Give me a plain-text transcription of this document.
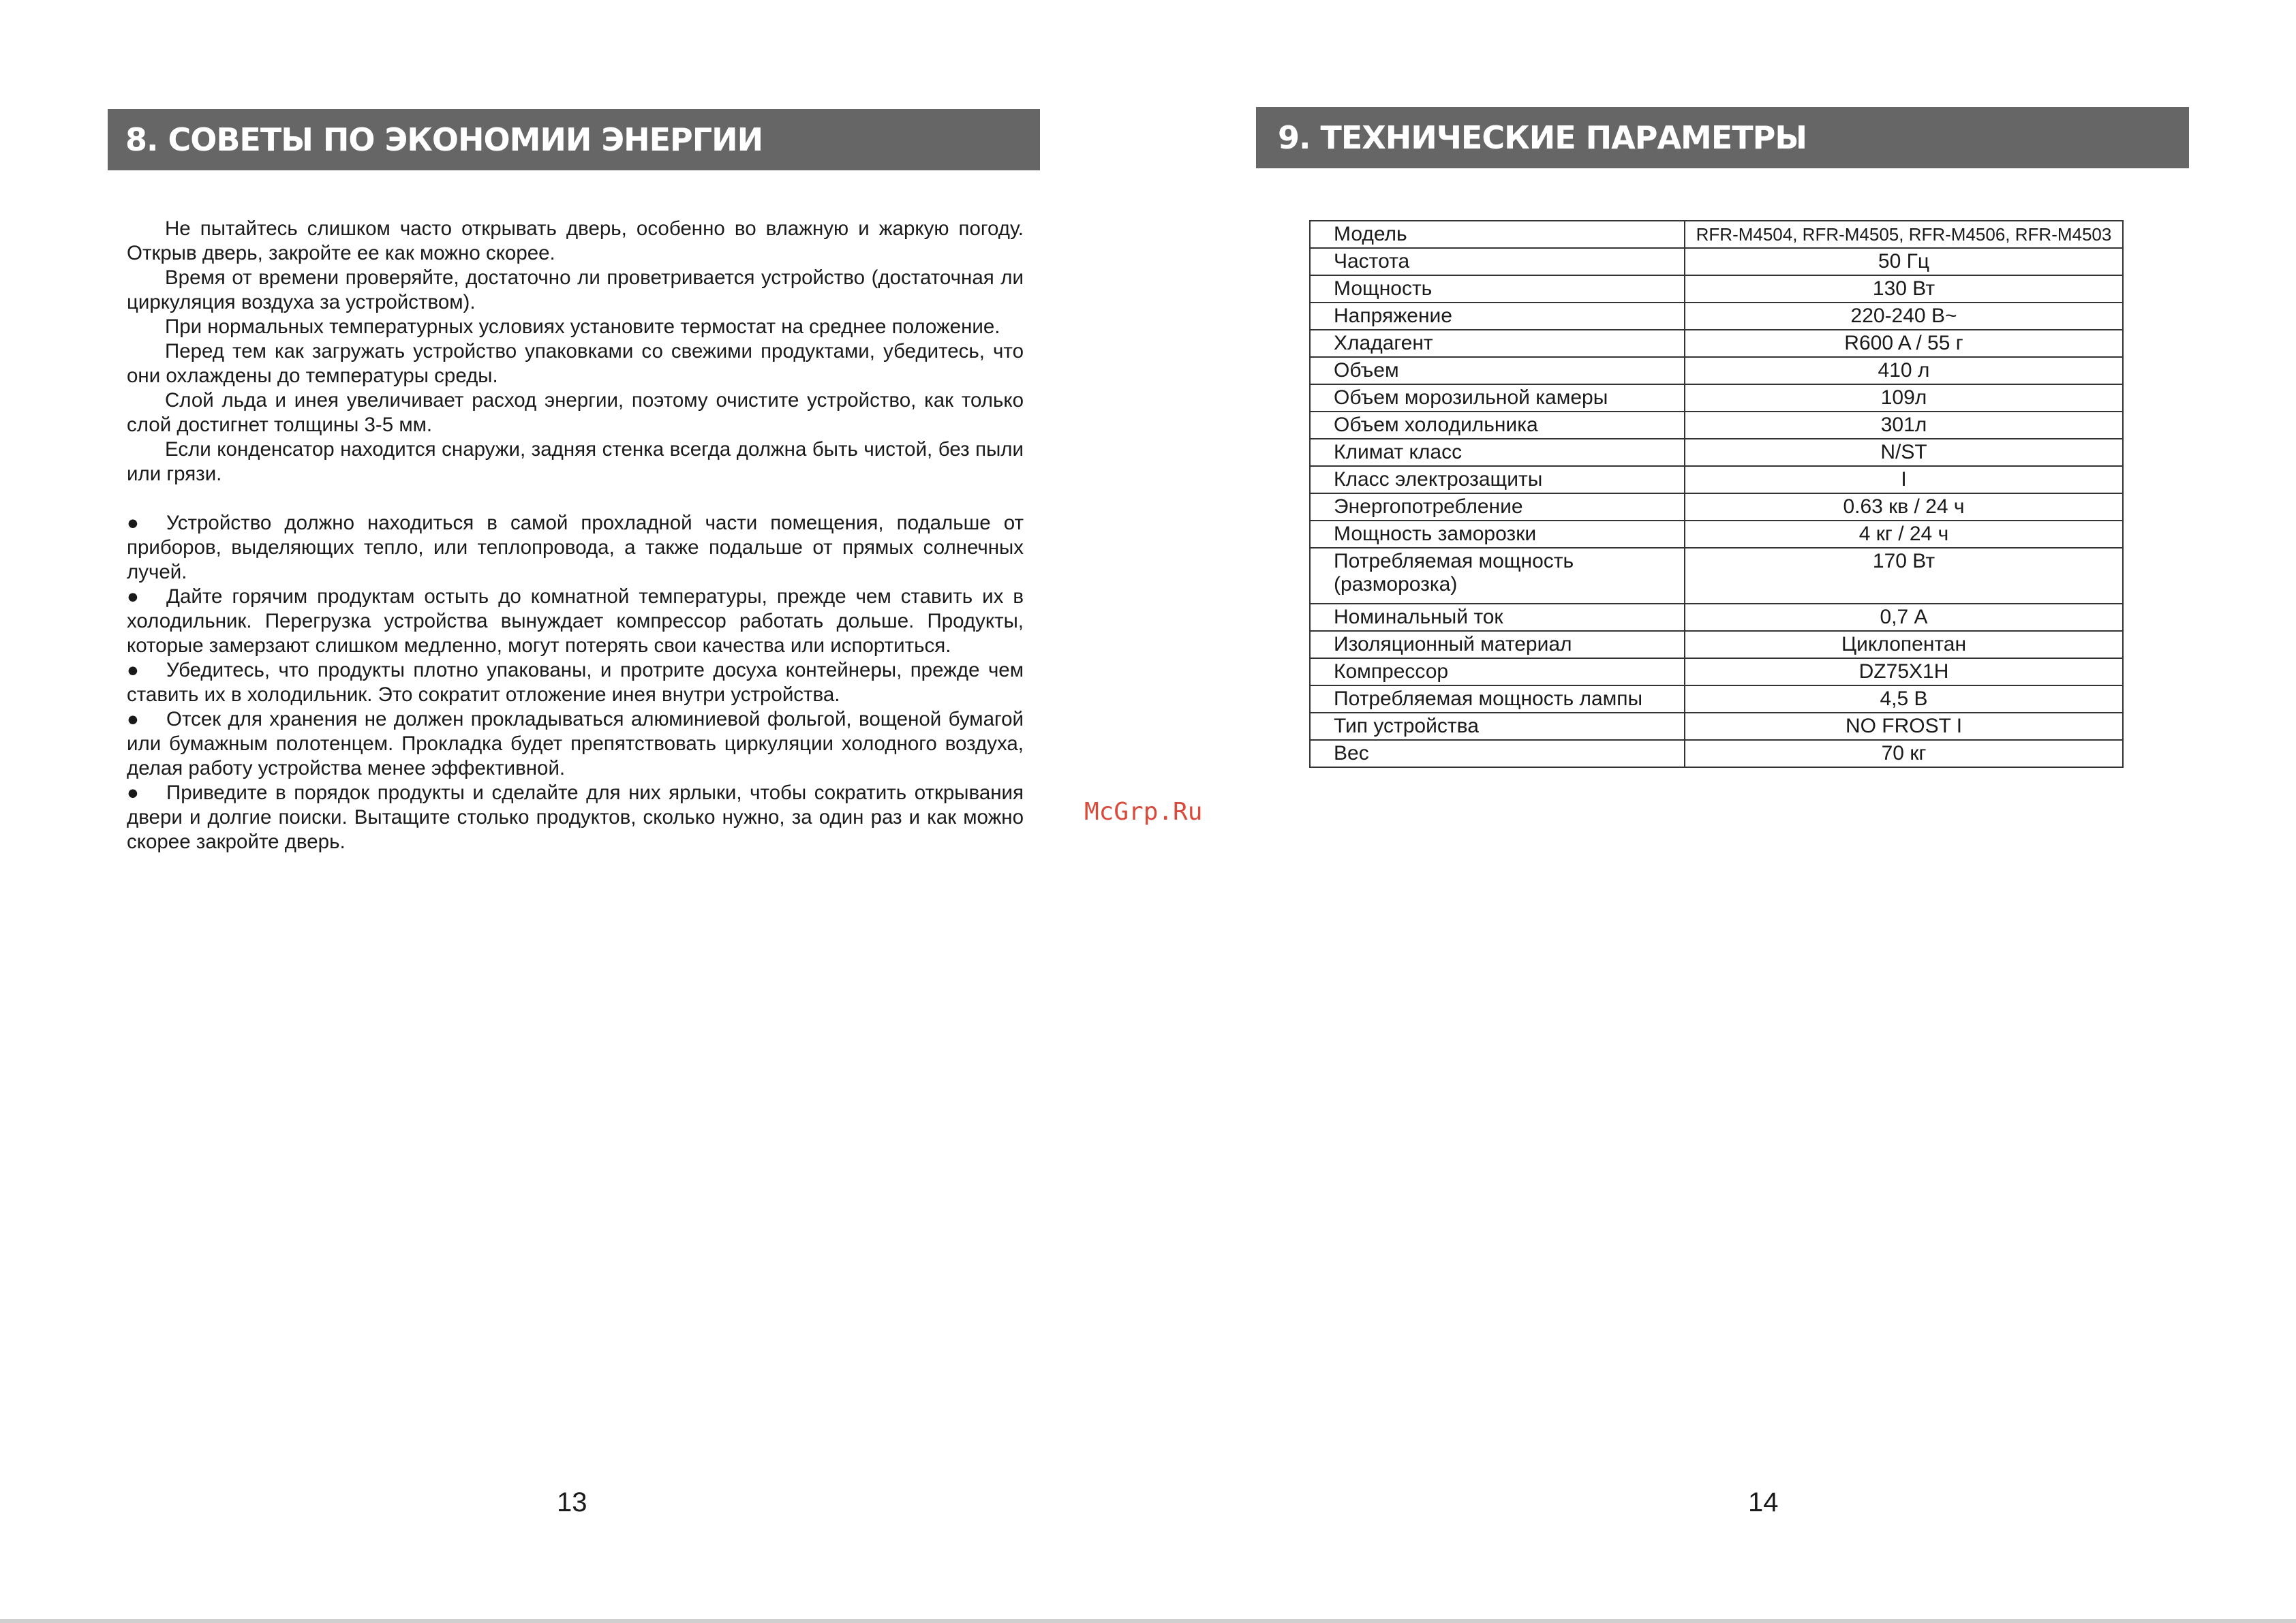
8. СОВЕТЫ ПО ЭКОНОМИИ ЭНЕРГИИ

Не пытайтесь слишком часто открывать дверь, особенно во влажную и жаркую погоду. Открыв дверь, закройте ее как можно скорее.

Время от времени проверяйте, достаточно ли проветривается устройство (достаточная ли циркуляция воздуха за устройством).

При нормальных температурных условиях установите термостат на среднее положение.

Перед тем как загружать устройство упаковками со свежими продуктами, убедитесь, что они охлаждены до температуры среды.

Слой льда и инея увеличивает расход энергии, поэтому очистите устройство, как только слой достигнет толщины 3-5 мм.

Если конденсатор находится снаружи, задняя стенка всегда должна быть чистой, без пыли или грязи.

● Устройство должно находиться в самой прохладной части помещения, подальше от приборов, выделяющих тепло, или теплопровода, а также подальше от прямых солнечных лучей.

● Дайте горячим продуктам остыть до комнатной температуры, прежде чем ставить их в холодильник. Перегрузка устройства вынуждает компрессор работать дольше. Продукты, которые замерзают слишком медленно, могут потерять свои качества или испортиться.

● Убедитесь, что продукты плотно упакованы, и протрите досуха контейнеры, прежде чем ставить их в холодильник. Это сократит отложение инея внутри устройства.

● Отсек для хранения не должен прокладываться алюминиевой фольгой, вощеной бумагой или бумажным полотенцем. Прокладка будет препятствовать циркуляции холодного воздуха, делая работу устройства менее эффективной.

● Приведите в порядок продукты и сделайте для них ярлыки, чтобы сократить открывания двери и долгие поиски. Вытащите столько продуктов, сколько нужно, за один раз и как можно скорее закройте дверь.

9. ТЕХНИЧЕСКИЕ ПАРАМЕТРЫ
Модель	RFR-M4504, RFR-M4505, RFR-M4506, RFR-M4503
Частота	50 Гц
Мощность	130 Вт
Напряжение	220-240 В~
Хладагент	R600 A / 55 г
Объем	410 л
Объем морозильной камеры	109л
Объем холодильника	301л
Климат класс	N/ST
Класс электрозащиты	I
Энергопотребление	0.63 кв / 24 ч
Мощность заморозки	4 кг / 24 ч
Потребляемая мощность (разморозка)	170 Вт
Номинальный ток	0,7 А
Изоляционный материал	Циклопентан
Компрессор	DZ75X1H
Потребляемая мощность лампы	4,5 В
Тип устройства	NO FROST I
Вес	70 кг
McGrp.Ru
13	14
